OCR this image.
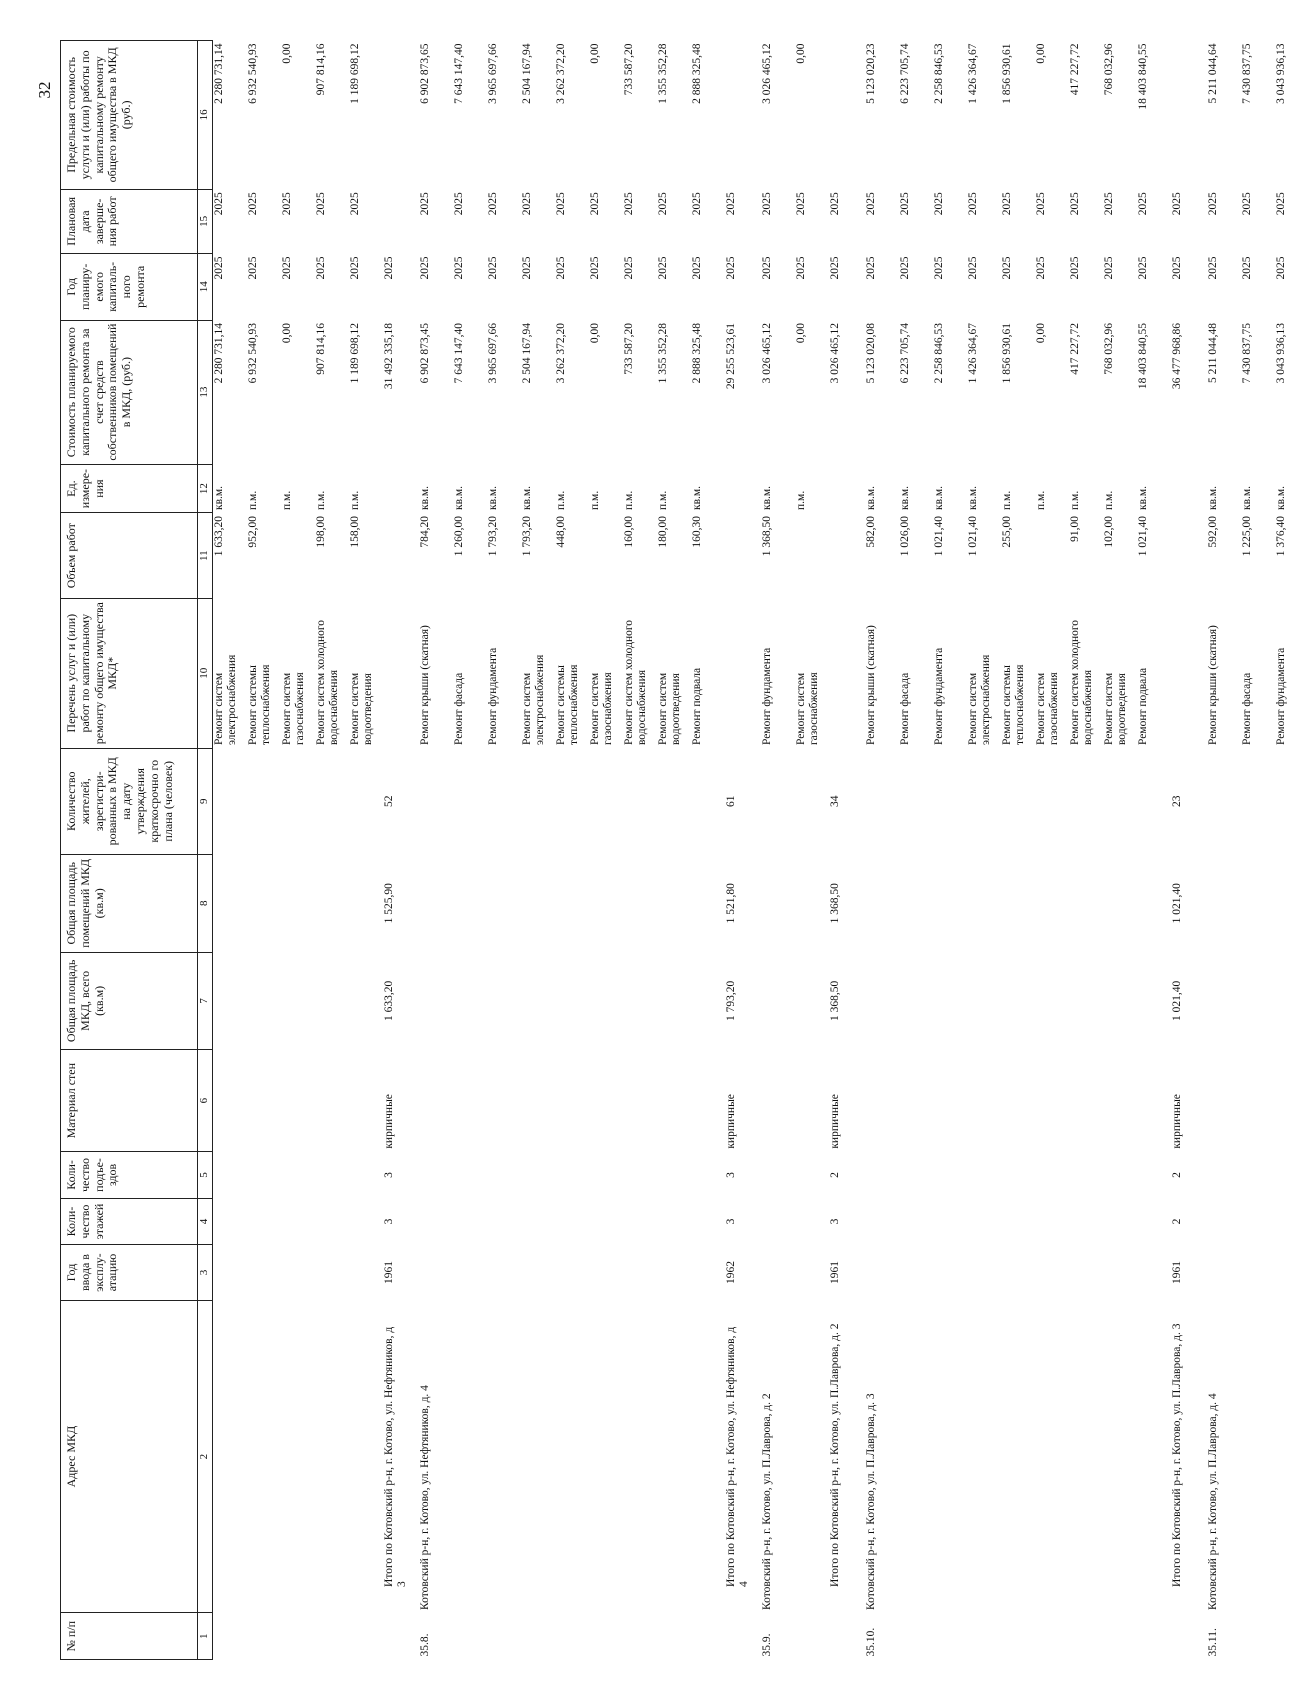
32
№ п/п	Адрес МКД	Год ввода в эксплу-атацию	Коли-чество этажей	Коли-чество подъе-здов	Материал стен	Общая площадь МКД, всего (кв.м)	Общая площадь помещений МКД (кв.м)	Количество жителей, зарегистри-рованных в МКД на дату утверждения краткосрочно го плана (человек)	Перечень услуг и (или) работ по капитальному ремонту общего имущества МКД*	Объем работ	Ед. измере-ния	Стоимость планируемого капитального ремонта за счет средств собственников помещений в МКД, (руб.)	Год планиру-емого капиталь-ного ремонта	Плановая дата заверше-ния работ	Предельная стоимость услуги и (или) работы по капитальному ремонту общего имущества в МКД (руб.)
1	2	3	4	5	6	7	8	9	10	11	12	13	14	15	16

									Ремонт систем электроснабжения	1 633,20	кв.м.	2 280 731,14	2025	2025	2 280 731,14

									Ремонт системы теплоснабжения	952,00	п.м.	6 932 540,93	2025	2025	6 932 540,93

									Ремонт систем газоснабжения		п.м.	0,00	2025	2025	0,00

									Ремонт систем холодного водоснабжения	198,00	п.м.	907 814,16	2025	2025	907 814,16

									Ремонт систем водоотведения	158,00	п.м.	1 189 698,12	2025	2025	1 189 698,12

	Итого по Котовский р-н, г. Котово, ул. Нефтяников, д 3	1961	3	3	кирпичные	1 633,20	1 525,90	52				31 492 335,18	2025		
35.8.	Котовский р-н, г. Котово, ул. Нефтяников, д. 4								Ремонт крыши (скатная)	784,20	кв.м.	6 902 873,45	2025	2025	6 902 873,65

									Ремонт фасада	1 260,00	кв.м.	7 643 147,40	2025	2025	7 643 147,40

									Ремонт фундамента	1 793,20	кв.м.	3 965 697,66	2025	2025	3 965 697,66

									Ремонт систем электроснабжения	1 793,20	кв.м.	2 504 167,94	2025	2025	2 504 167,94

									Ремонт системы теплоснабжения	448,00	п.м.	3 262 372,20	2025	2025	3 262 372,20

									Ремонт систем газоснабжения		п.м.	0,00	2025	2025	0,00

									Ремонт систем холодного водоснабжения	160,00	п.м.	733 587,20	2025	2025	733 587,20

									Ремонт систем водоотведения	180,00	п.м.	1 355 352,28	2025	2025	1 355 352,28

									Ремонт подвала	160,30	кв.м.	2 888 325,48	2025	2025	2 888 325,48

	Итого по Котовский р-н, г. Котово, ул. Нефтяников, д 4	1962	3	3	кирпичные	1 793,20	1 521,80	61				29 255 523,61	2025	2025	
35.9.	Котовский р-н, г. Котово, ул. П.Лаврова, д. 2								Ремонт фундамента	1 368,50	кв.м.	3 026 465,12	2025	2025	3 026 465,12

									Ремонт систем газоснабжения		п.м.	0,00	2025	2025	0,00

	Итого по Котовский р-н, г. Котово, ул. П.Лаврова, д. 2	1961	3	2	кирпичные	1 368,50	1 368,50	34				3 026 465,12	2025	2025	
35.10.	Котовский р-н, г. Котово, ул. П.Лаврова, д. 3								Ремонт крыши (скатная)	582,00	кв.м.	5 123 020,08	2025	2025	5 123 020,23

									Ремонт фасада	1 026,00	кв.м.	6 223 705,74	2025	2025	6 223 705,74

									Ремонт фундамента	1 021,40	кв.м.	2 258 846,53	2025	2025	2 258 846,53

									Ремонт систем электроснабжения	1 021,40	кв.м.	1 426 364,67	2025	2025	1 426 364,67

									Ремонт системы теплоснабжения	255,00	п.м.	1 856 930,61	2025	2025	1 856 930,61

									Ремонт систем газоснабжения		п.м.	0,00	2025	2025	0,00

									Ремонт систем холодного водоснабжения	91,00	п.м.	417 227,72	2025	2025	417 227,72

									Ремонт систем водоотведения	102,00	п.м.	768 032,96	2025	2025	768 032,96

									Ремонт подвала	1 021,40	кв.м.	18 403 840,55	2025	2025	18 403 840,55

	Итого по Котовский р-н, г. Котово, ул. П.Лаврова, д. 3	1961	2	2	кирпичные	1 021,40	1 021,40	23				36 477 968,86	2025	2025	
35.11.	Котовский р-н, г. Котово, ул. П.Лаврова, д. 4								Ремонт крыши (скатная)	592,00	кв.м.	5 211 044,48	2025	2025	5 211 044,64

									Ремонт фасада	1 225,00	кв.м.	7 430 837,75	2025	2025	7 430 837,75

									Ремонт фундамента	1 376,40	кв.м.	3 043 936,13	2025	2025	3 043 936,13
